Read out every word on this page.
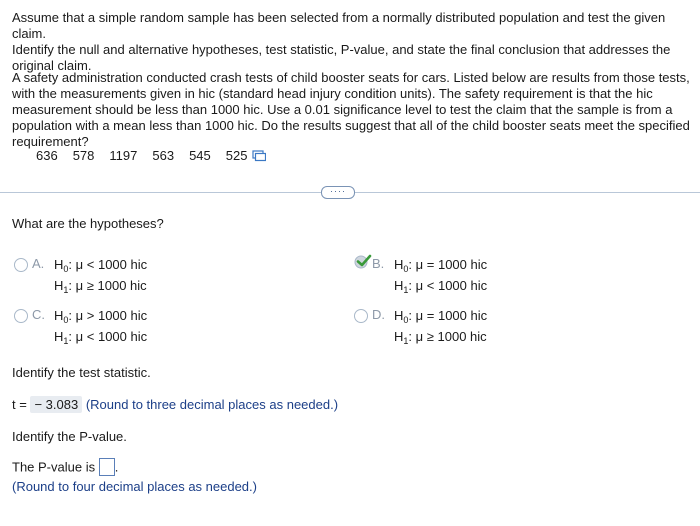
Assume that a simple random sample has been selected from a normally distributed population and test the given claim.
Identify the null and alternative hypotheses, test statistic, P-value, and state the final conclusion that addresses the
original claim.

A safety administration conducted crash tests of child booster seats for cars. Listed below are results from those tests,
with the measurements given in hic (standard head injury condition units). The safety requirement is that the hic
measurement should be less than 1000 hic. Use a 0.01 significance level to test the claim that the sample is from a
population with a mean less than 1000 hic. Do the results suggest that all of the child booster seats meet the specified
requirement?

636 578 1197 563 545 525
····
What are the hypotheses?
A. $H_0$: μ < 1000 hic
$H_1$: μ ≥ 1000 hic
B. $H_0$: μ = 1000 hic
$H_1$: μ < 1000 hic
C. $H_0$: μ > 1000 hic
$H_1$: μ < 1000 hic
D. $H_0$: μ = 1000 hic
$H_1$: μ ≥ 1000 hic
Identify the test statistic.
t = − 3.083 (Round to three decimal places as needed.)
Identify the P-value.
The P-value is .
(Round to four decimal places as needed.)
